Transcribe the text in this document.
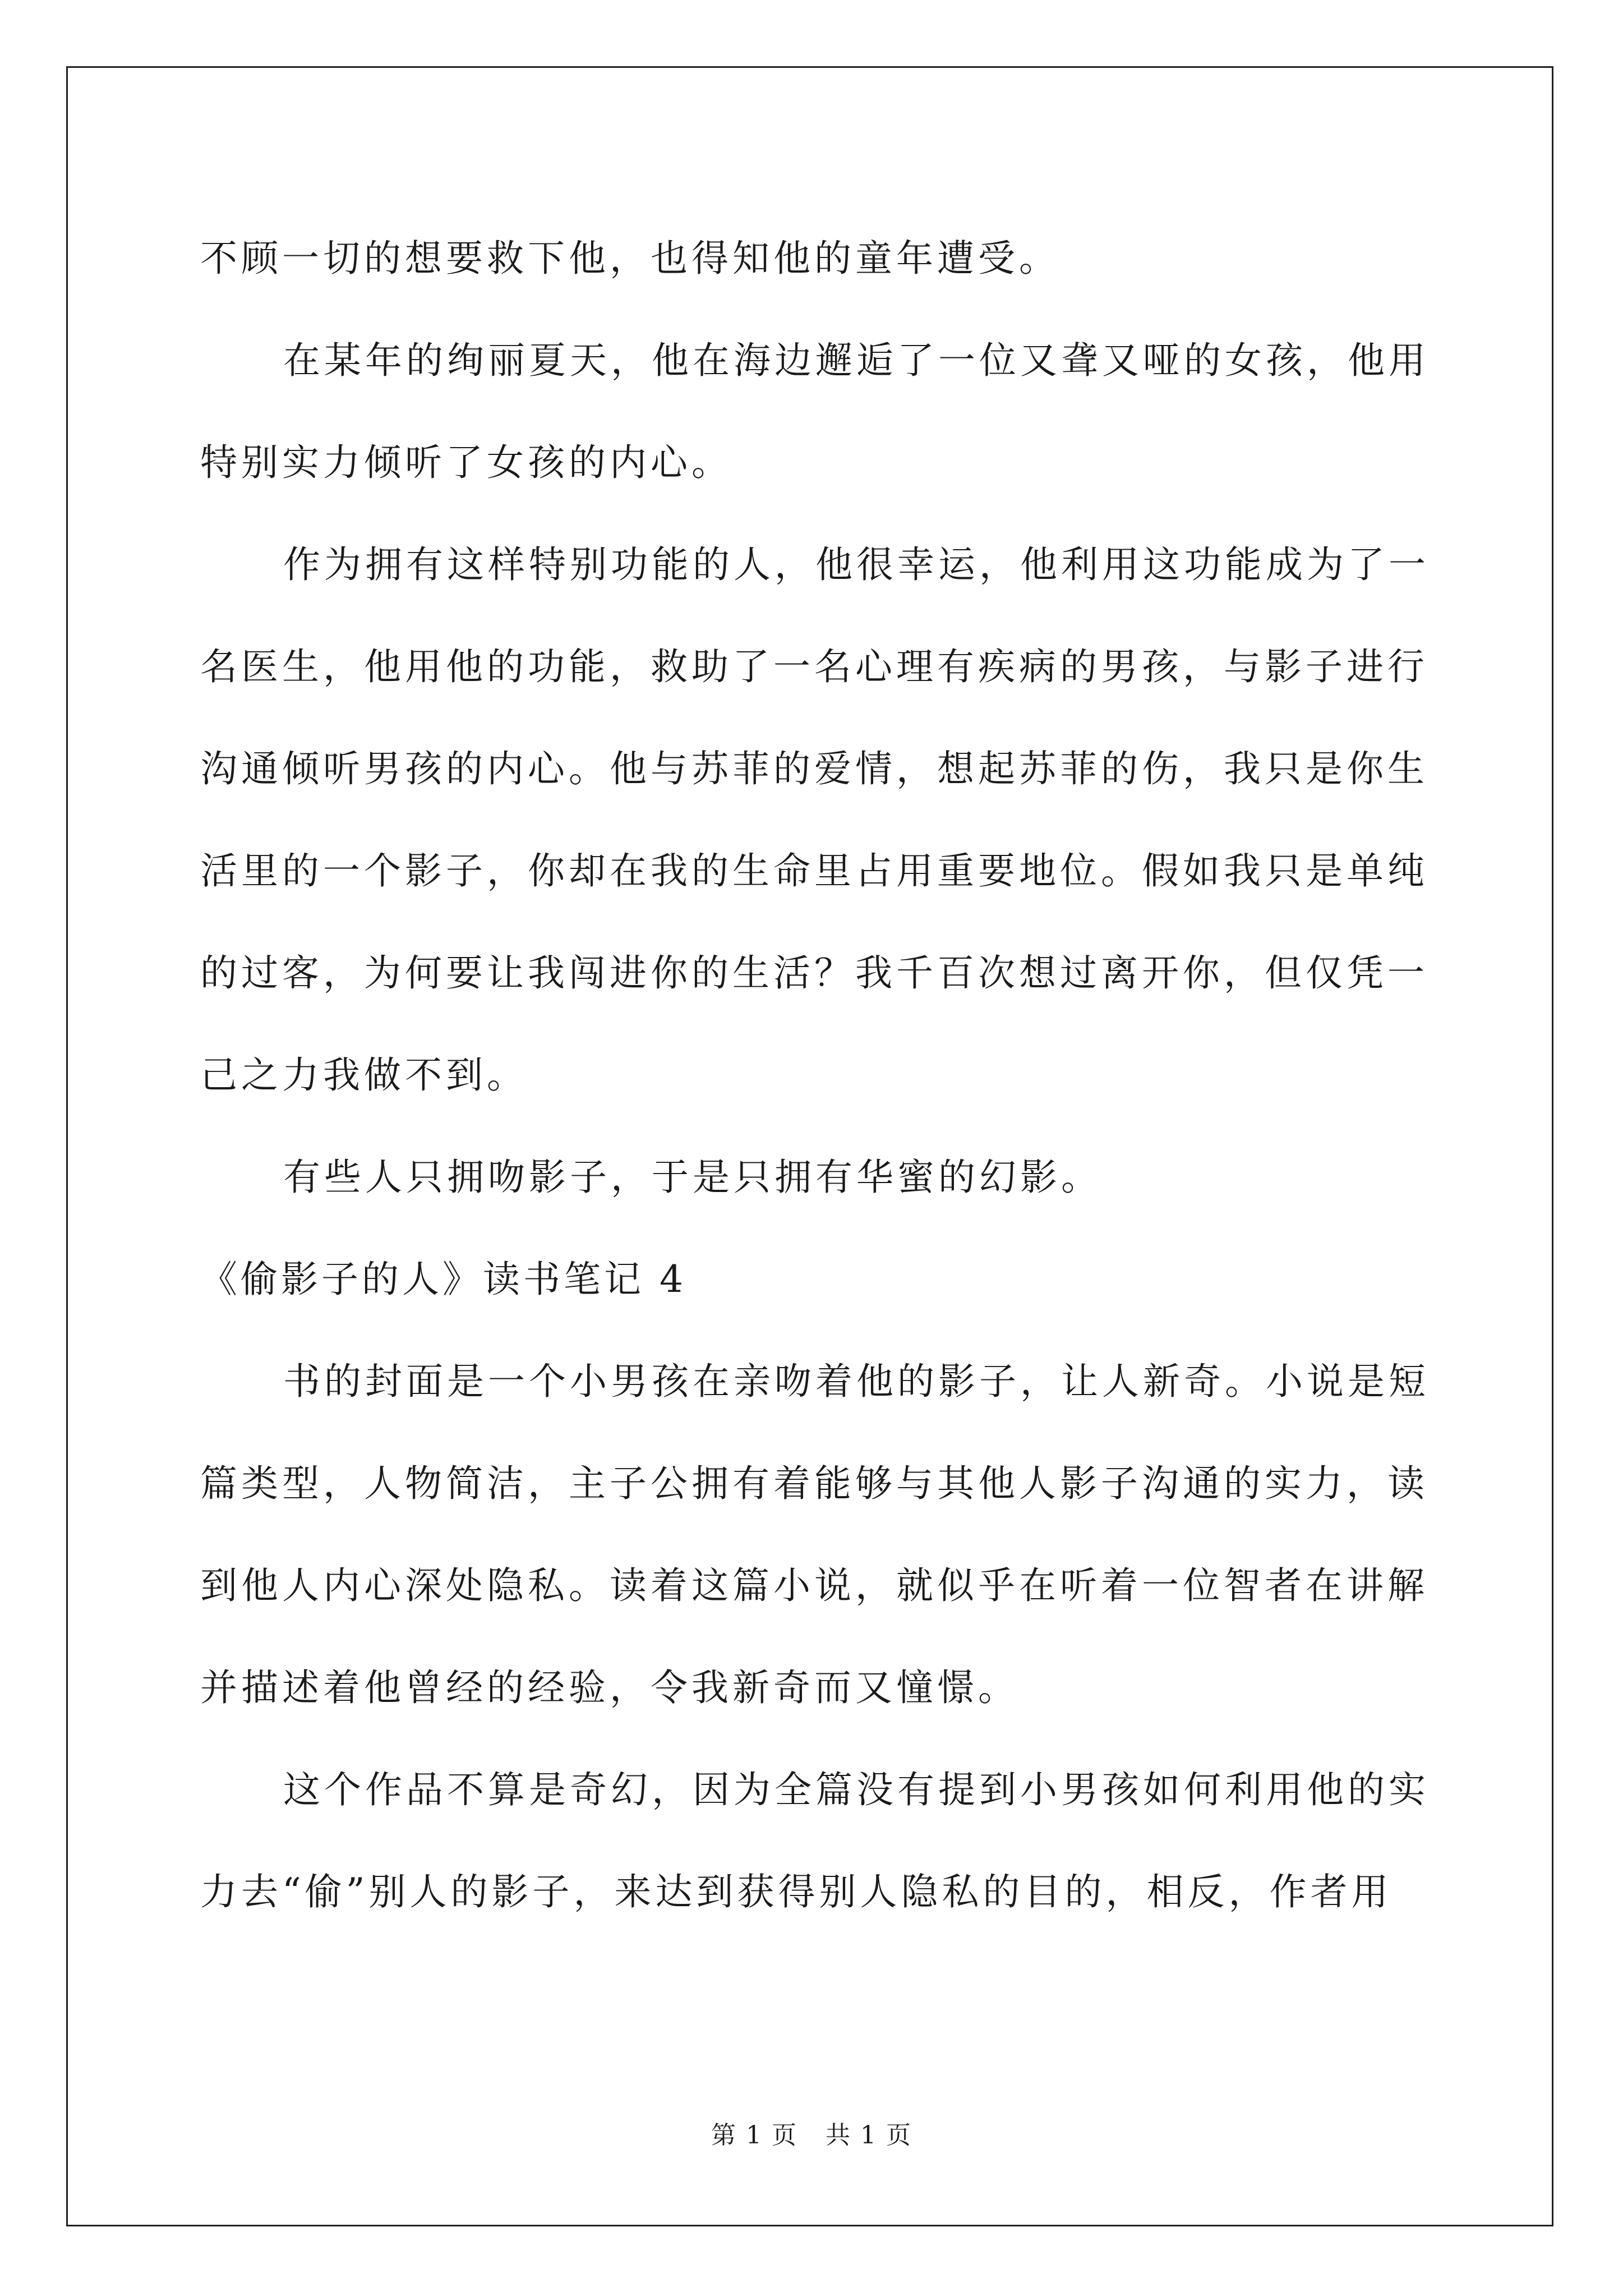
不顾一切的想要救下他，也得知他的童年遭受。
在某年的绚丽夏天，他在海边邂逅了一位又聋又哑的女孩，他用
特别实力倾听了女孩的内心。
作为拥有这样特别功能的人，他很幸运，他利用这功能成为了一
名医生，他用他的功能，救助了一名心理有疾病的男孩，与影子进行
沟通倾听男孩的内心。他与苏菲的爱情，想起苏菲的伤，我只是你生
活里的一个影子，你却在我的生命里占用重要地位。假如我只是单纯
的过客，为何要让我闯进你的生活？我千百次想过离开你，但仅凭一
己之力我做不到。
有些人只拥吻影子，于是只拥有华蜜的幻影。
《偷影子的人》读书笔记 4
书的封面是一个小男孩在亲吻着他的影子，让人新奇。小说是短
篇类型，人物简洁，主子公拥有着能够与其他人影子沟通的实力，读
到他人内心深处隐私。读着这篇小说，就似乎在听着一位智者在讲解
并描述着他曾经的经验，令我新奇而又憧憬。
这个作品不算是奇幻，因为全篇没有提到小男孩如何利用他的实
力去“偷”别人的影子，来达到获得别人隐私的目的，相反，作者用
第 1 页 共 1 页
